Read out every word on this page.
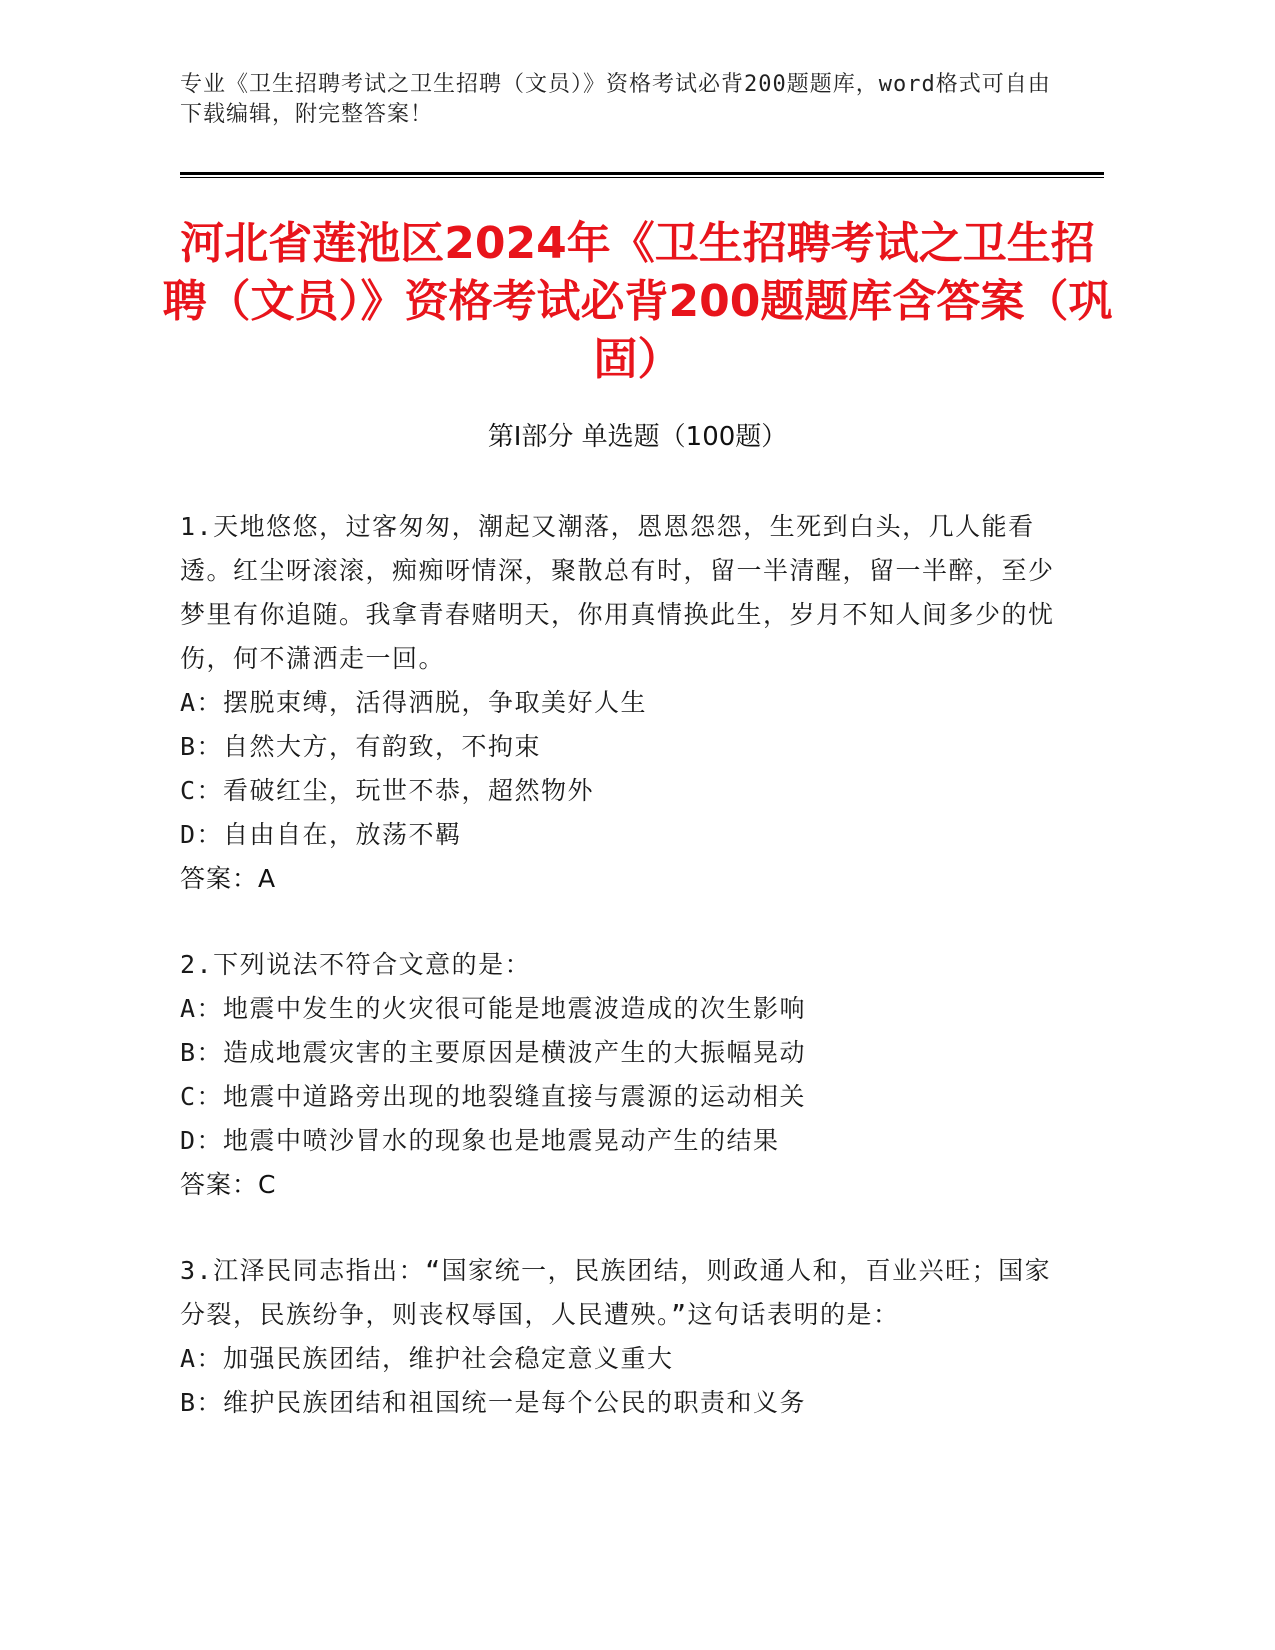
专业《卫生招聘考试之卫生招聘（文员）》资格考试必背200题题库，word格式可自由下载编辑，附完整答案！
河北省莲池区2024年《卫生招聘考试之卫生招聘（文员）》资格考试必背200题题库含答案（巩固）
第Ⅰ部分 单选题（100题）

1.天地悠悠，过客匆匆，潮起又潮落，恩恩怨怨，生死到白头，几人能看透。红尘呀滚滚，痴痴呀情深，聚散总有时，留一半清醒，留一半醉，至少梦里有你追随。我拿青春赌明天，你用真情换此生，岁月不知人间多少的忧伤，何不潇洒走一回。

A：摆脱束缚，活得洒脱，争取美好人生

B：自然大方，有韵致，不拘束

C：看破红尘，玩世不恭，超然物外

D：自由自在，放荡不羁

答案：A

2.下列说法不符合文意的是：

A：地震中发生的火灾很可能是地震波造成的次生影响

B：造成地震灾害的主要原因是横波产生的大振幅晃动

C：地震中道路旁出现的地裂缝直接与震源的运动相关

D：地震中喷沙冒水的现象也是地震晃动产生的结果

答案：C

3.江泽民同志指出：“国家统一，民族团结，则政通人和，百业兴旺；国家分裂，民族纷争，则丧权辱国，人民遭殃。”这句话表明的是：

A：加强民族团结，维护社会稳定意义重大

B：维护民族团结和祖国统一是每个公民的职责和义务
